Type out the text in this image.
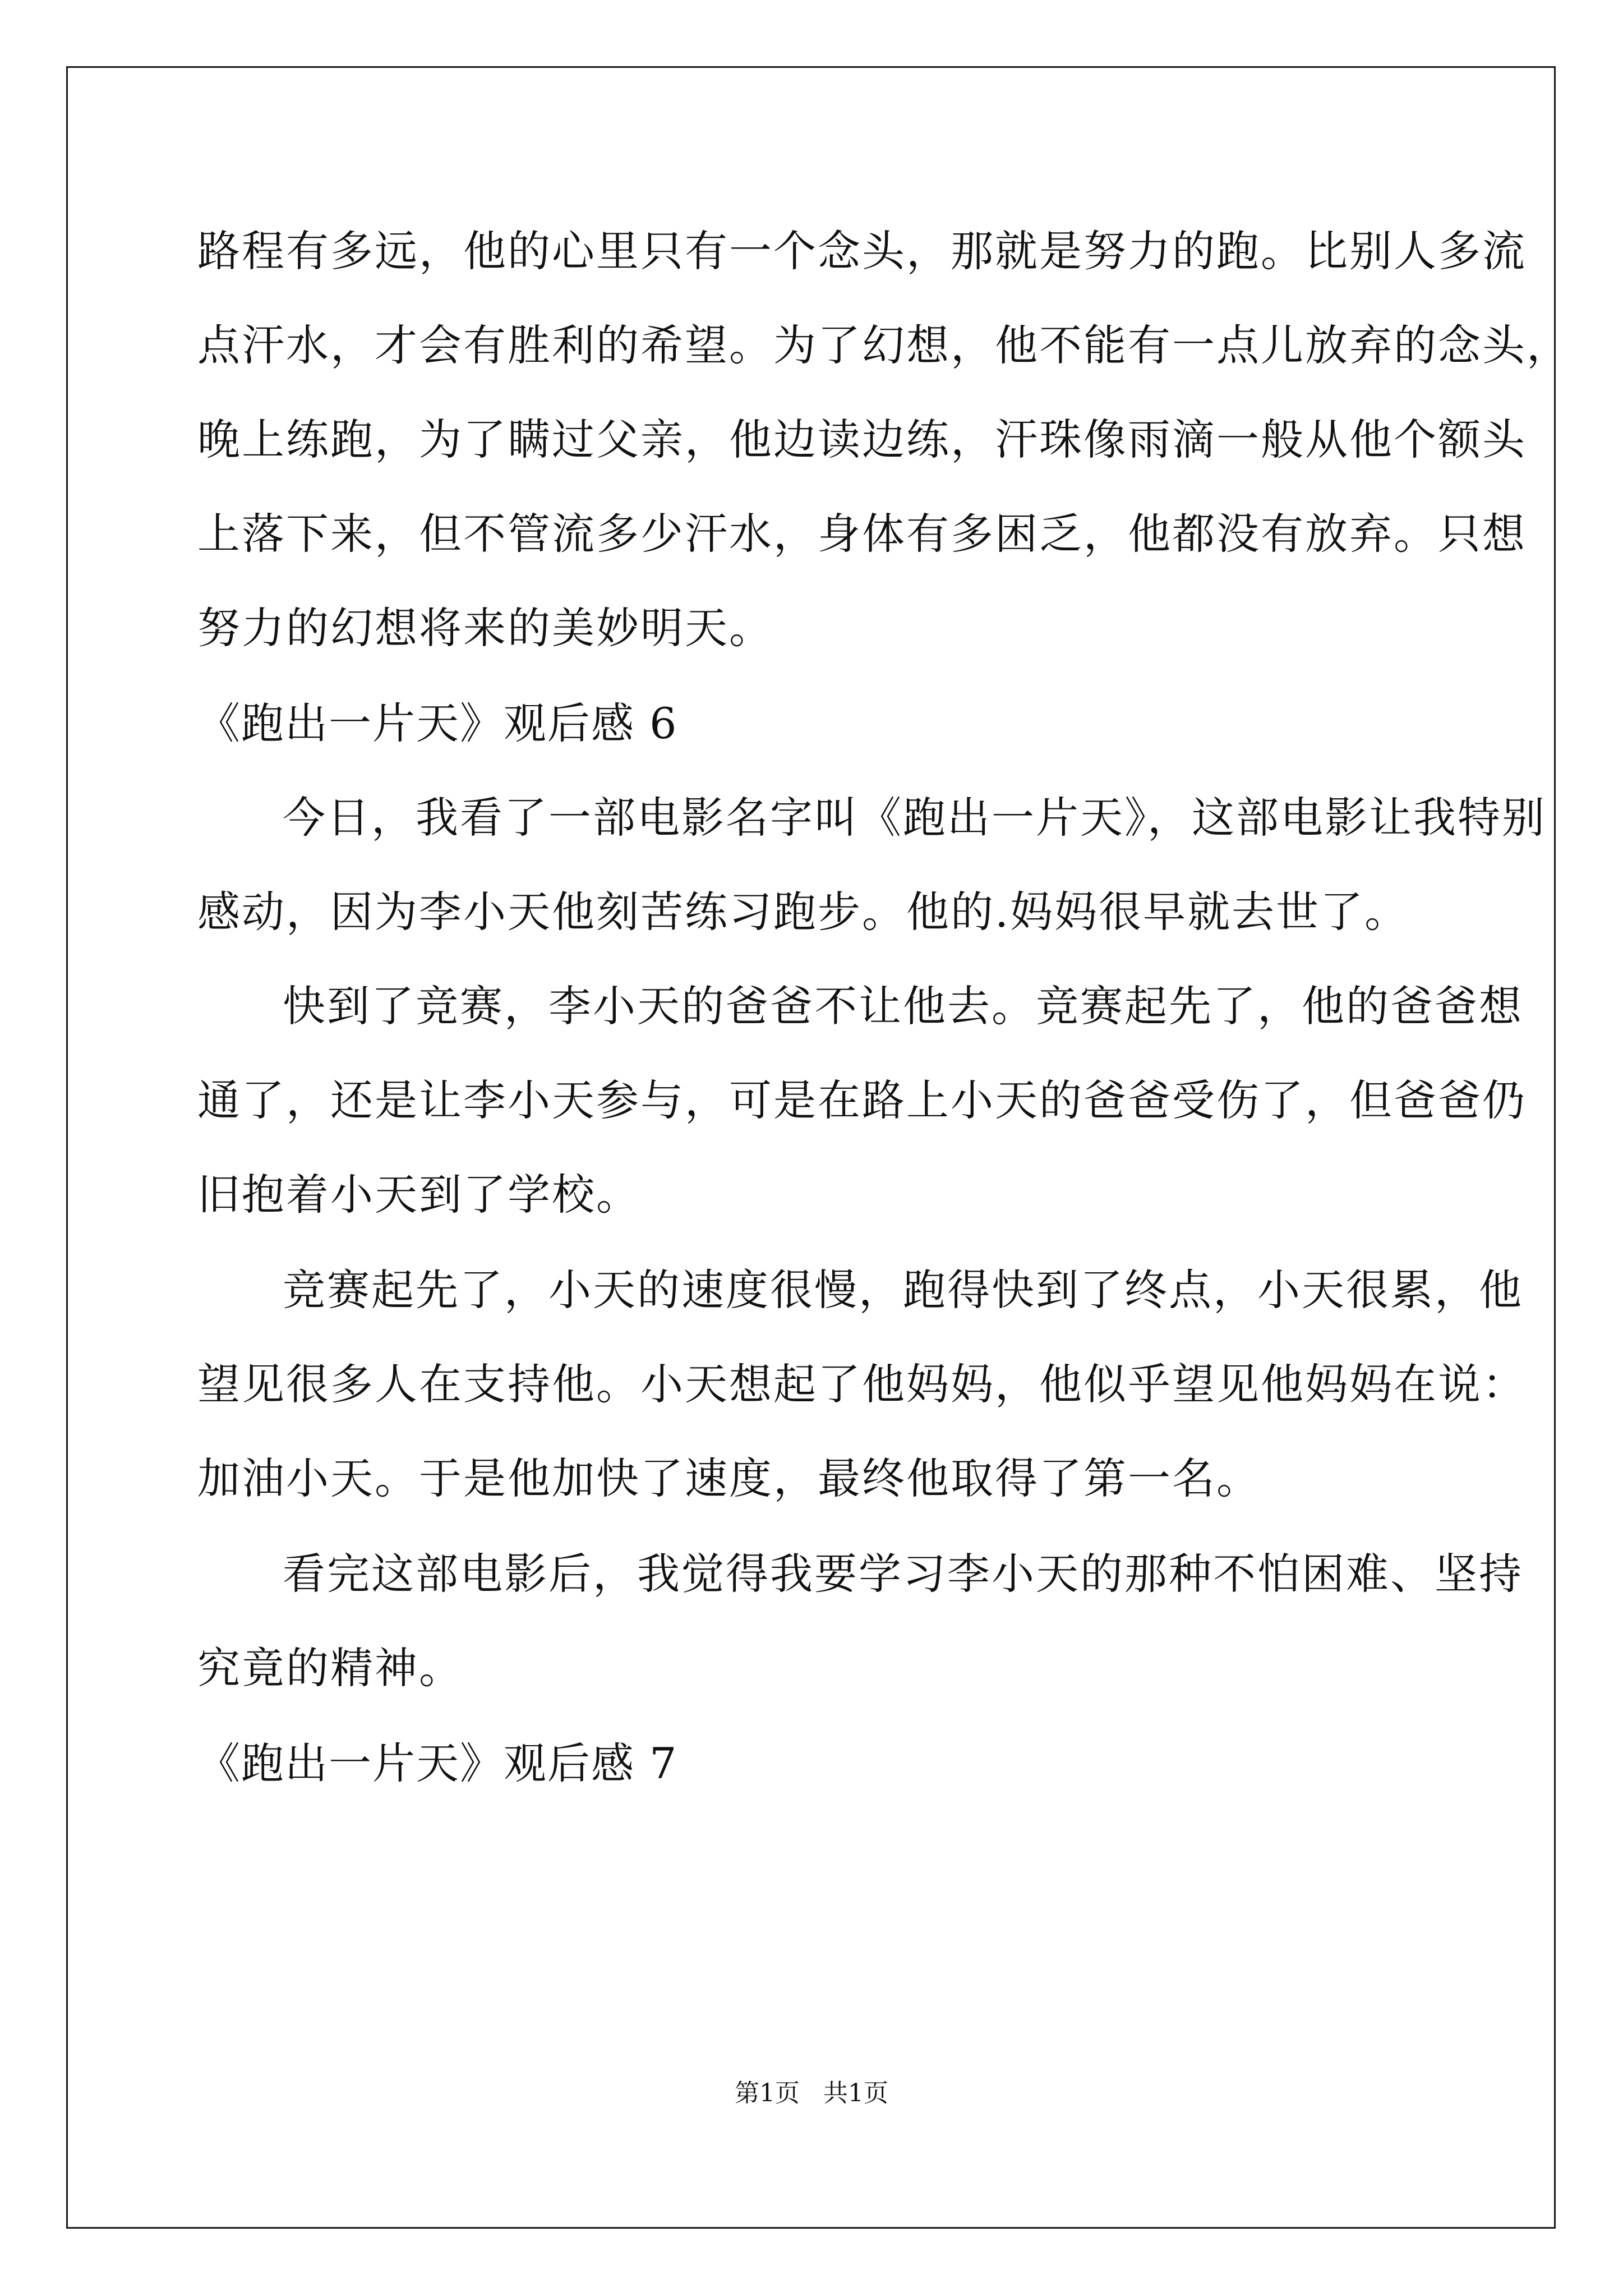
路程有多远，他的心里只有一个念头，那就是努力的跑。比别人多流
点汗水，才会有胜利的希望。为了幻想，他不能有一点儿放弃的念头，
晚上练跑，为了瞒过父亲，他边读边练，汗珠像雨滴一般从他个额头
上落下来，但不管流多少汗水，身体有多困乏，他都没有放弃。只想
努力的幻想将来的美妙明天。
《跑出一片天》观后感 6
今日，我看了一部电影名字叫《跑出一片天》，这部电影让我特别
感动，因为李小天他刻苦练习跑步。他的.妈妈很早就去世了。
快到了竞赛，李小天的爸爸不让他去。竞赛起先了，他的爸爸想
通了，还是让李小天参与，可是在路上小天的爸爸受伤了，但爸爸仍
旧抱着小天到了学校。
竞赛起先了，小天的速度很慢，跑得快到了终点，小天很累，他
望见很多人在支持他。小天想起了他妈妈，他似乎望见他妈妈在说：
加油小天。于是他加快了速度，最终他取得了第一名。
看完这部电影后，我觉得我要学习李小天的那种不怕困难、坚持
究竟的精神。
《跑出一片天》观后感 7
第1页   共1页
